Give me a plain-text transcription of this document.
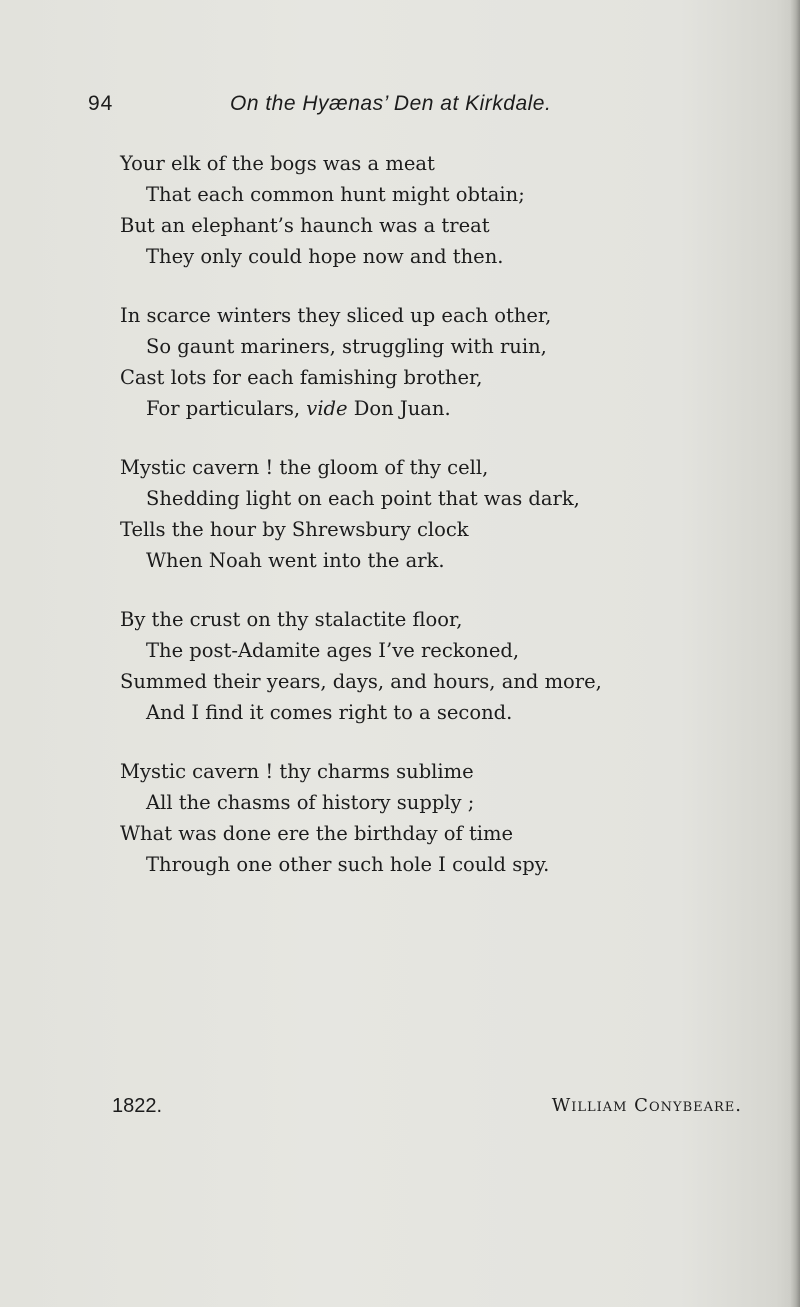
94	On the Hyænas’ Den at Kirkdale.
Your elk of the bogs was a meat
That each common hunt might obtain;
But an elephant’s haunch was a treat
They only could hope now and then.
In scarce winters they sliced up each other,
So gaunt mariners, struggling with ruin,
Cast lots for each famishing brother,
For particulars, vide Don Juan.
Mystic cavern ! the gloom of thy cell,
Shedding light on each point that was dark,
Tells the hour by Shrewsbury clock
When Noah went into the ark.
By the crust on thy stalactite floor,
The post-Adamite ages I’ve reckoned,
Summed their years, days, and hours, and more,
And I find it comes right to a second.
Mystic cavern ! thy charms sublime
All the chasms of history supply ;
What was done ere the birthday of time
Through one other such hole I could spy.
1822.	William Conybeare.
